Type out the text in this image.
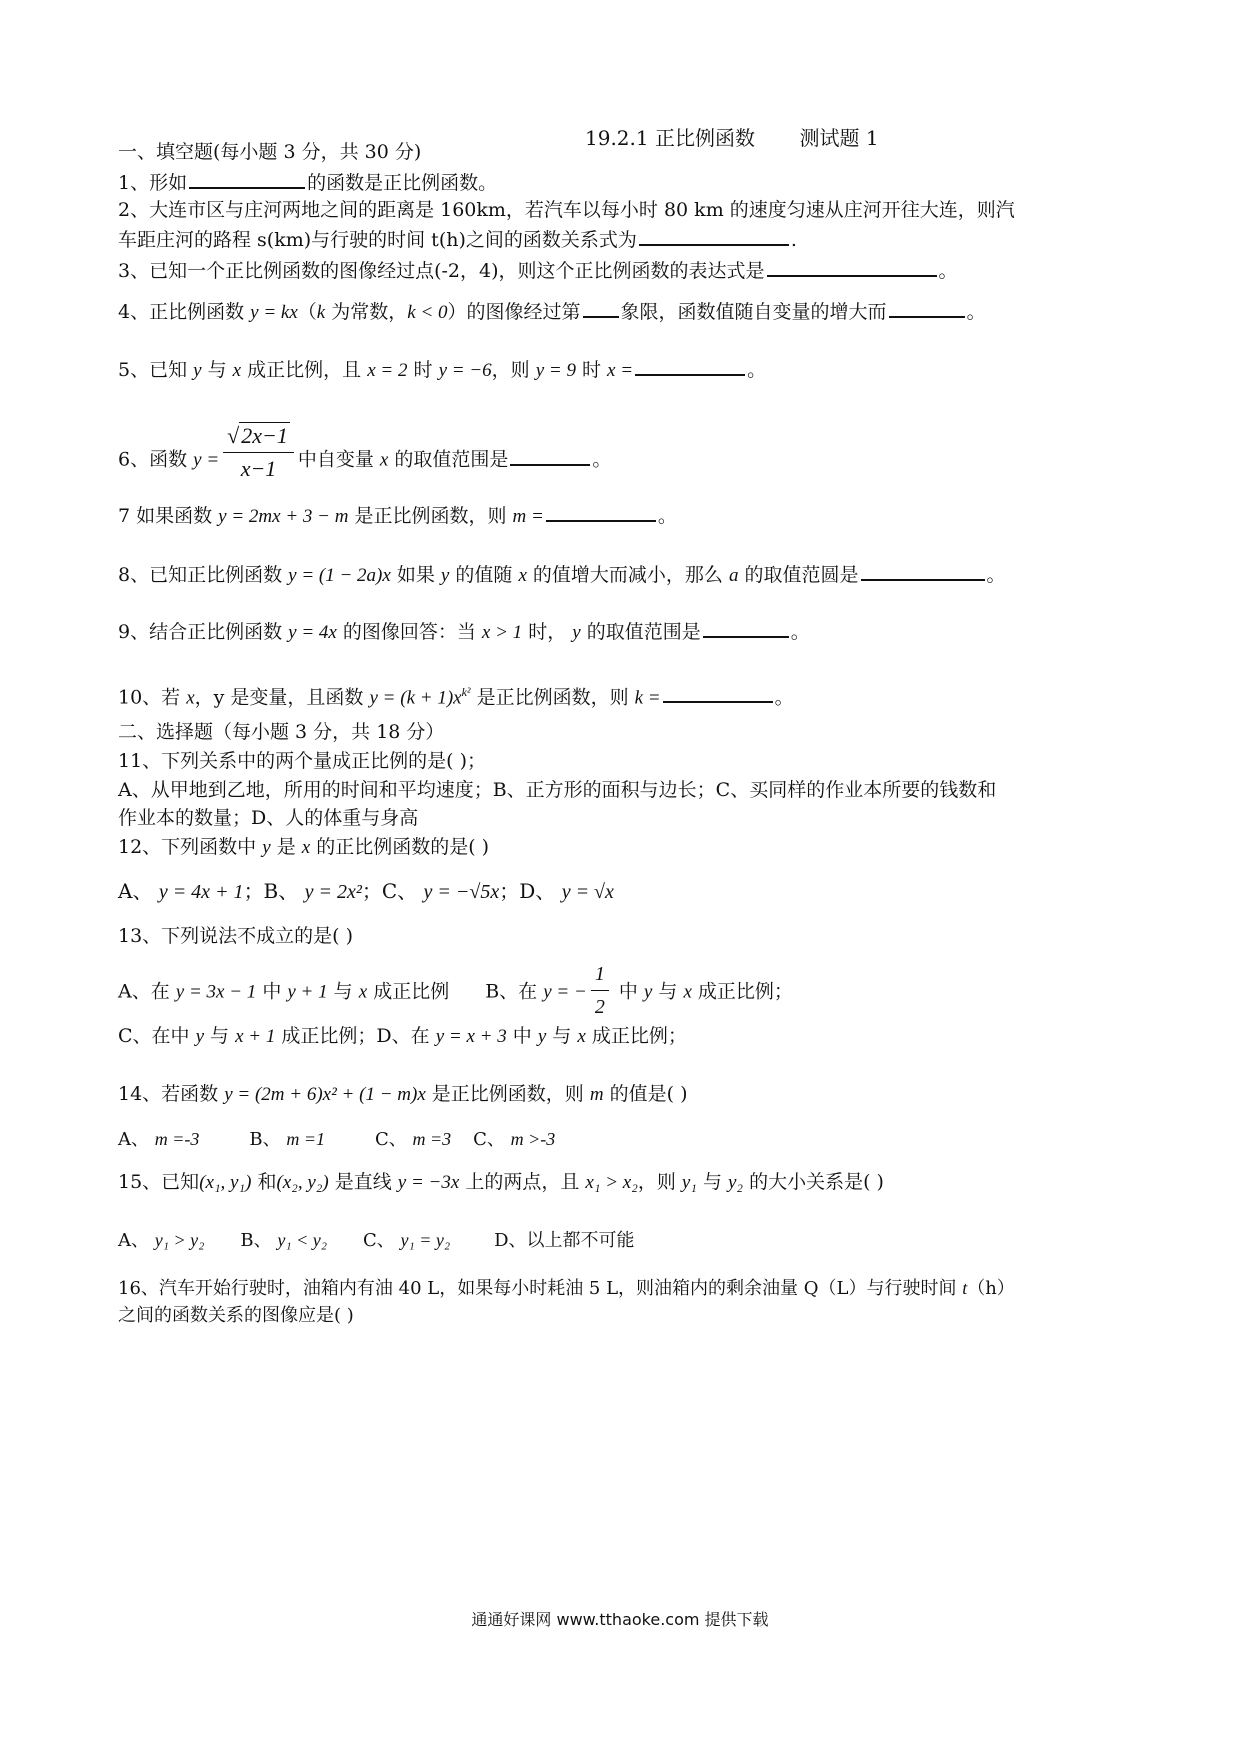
19.2.1 正比例函数       测试题 1
一、填空题(每小题 3 分，共 30 分)
1、形如	的函数是正比例函数。
2、大连市区与庄河两地之间的距离是 160km，若汽车以每小时 80 km 的速度匀速从庄河开往大连，则汽
车距庄河的路程 s(km)与行驶的时间 t(h)之间的函数关系式为	.
3、已知一个正比例函数的图像经过点(-2，4)，则这个正比例函数的表达式是	。
4、正比例函数 y = kx（k 为常数，k < 0）的图像经过第 象限，函数值随自变量的增大而	。
5、已知 y 与 x 成正比例，且 x = 2 时 y = −6，则 y = 9 时 x =	。
6、函数 $y = \frac{√2x-1}{x-1}$ 中自变量 x 的取值范围是	。
7 如果函数 y = 2mx + 3 − m 是正比例函数，则 m =	。
8、已知正比例函数 y = (1 − 2a)x 如果 y 的值随 x 的值增大而减小，那么 a 的取值范圆是	。
9、结合正比例函数 y = 4x 的图像回答：当 x > 1 时， y 的取值范围是	。
10、若 x，y 是变量，且函数 $y = (k + 1)x^{k^2}$ 是正比例函数，则 k =	。
二、选择题（每小题 3 分，共 18 分）
11、下列关系中的两个量成正比例的是( )；
A、从甲地到乙地，所用的时间和平均速度；B、正方形的面积与边长；C、买同样的作业本所要的钱数和
作业本的数量；D、人的体重与身高
12、下列函数中 y 是 x 的正比例函数的是( )
A、 y = 4x + 1；B、 y = 2x²；C、 y = −√5x；D、 y = √x
13、下列说法不成立的是( )
A、在 y = 3x − 1 中 y + 1 与 x 成正比例 B、在 y = − $\frac{1}{2}$ 中 y 与 x 成正比例；
C、在中 y 与 x + 1 成正比例；D、在 y = x + 3 中 y 与 x 成正比例；
14、若函数 y = (2m + 6)x² + (1 − m)x 是正比例函数，则 m 的值是( )
A、 m =-3	B、 m =1	C、 m =3 C、 m >-3
15、已知(x₁, y₁) 和(x₂, y₂) 是直线 y = −3x 上的两点，且 x₁ > x₂，则 y₁ 与 y₂ 的大小关系是( )
A、 y₁ > y₂ B、 y₁ < y₂ C、 y₁ = y₂ D、以上都不可能
16、汽车开始行驶时，油箱内有油 40 L，如果每小时耗油 5 L，则油箱内的剩余油量 Q（L）与行驶时间 t（h）
之间的函数关系的图像应是( )
通通好课网 www.tthaoke.com 提供下载
